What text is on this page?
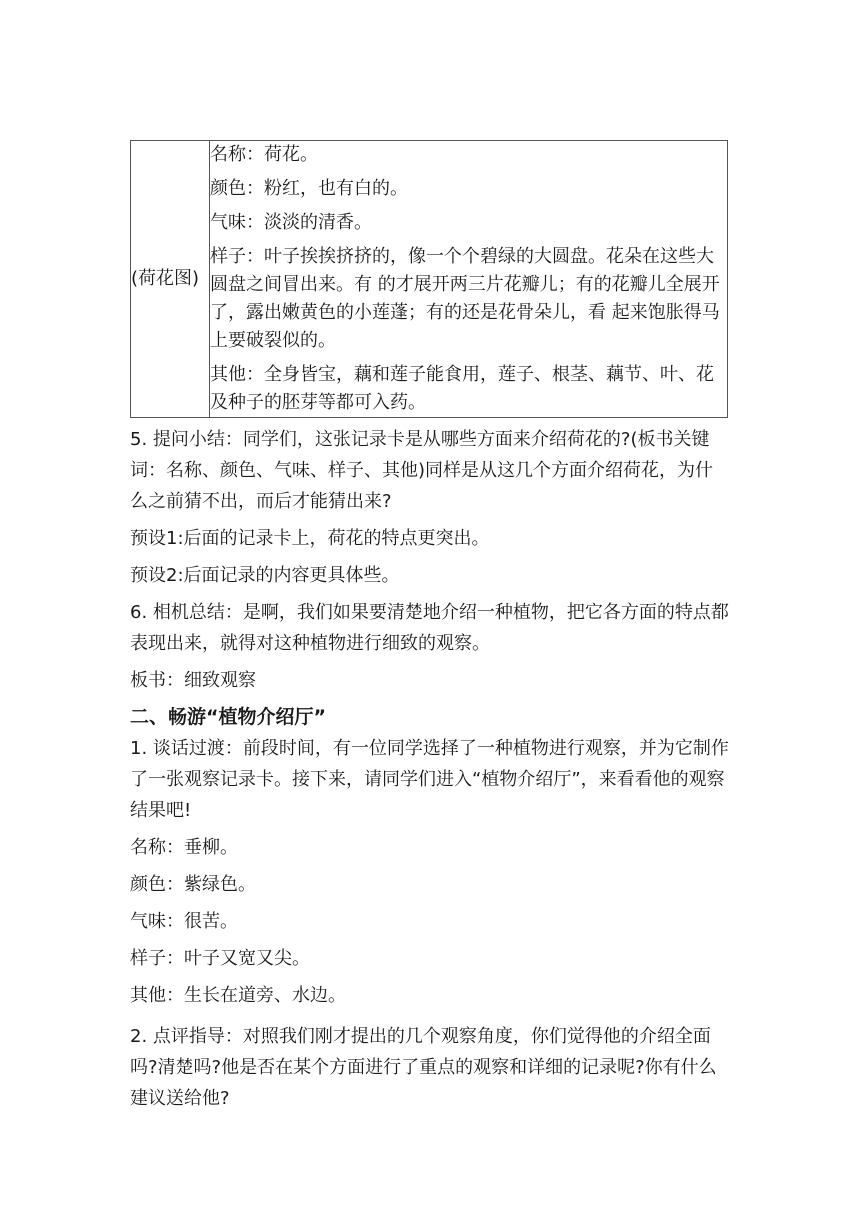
(荷花图)	

名称：荷花。

颜色：粉红，也有白的。

气味：淡淡的清香。

样子：叶子挨挨挤挤的，像一个个碧绿的大圆盘。花朵在这些大圆盘之间冒出来。有 的才展开两三片花瓣儿；有的花瓣儿全展开了，露出嫩黄色的小莲蓬；有的还是花骨朵儿，看 起来饱胀得马上要破裂似的。

其他：全身皆宝，藕和莲子能食用，莲子、根茎、藕节、叶、花及种子的胚芽等都可入药。

5. 提问小结：同学们，这张记录卡是从哪些方面来介绍荷花的?(板书关键词：名称、颜色、气味、样子、其他)同样是从这几个方面介绍荷花，为什么之前猜不出，而后才能猜出来?

预设1:后面的记录卡上，荷花的特点更突出。

预设2:后面记录的内容更具体些。

6. 相机总结：是啊，我们如果要清楚地介绍一种植物，把它各方面的特点都表现出来，就得对这种植物进行细致的观察。

板书：细致观察

二、畅游“植物介绍厅”

1. 谈话过渡：前段时间，有一位同学选择了一种植物进行观察，并为它制作了一张观察记录卡。接下来，请同学们进入“植物介绍厅”，来看看他的观察结果吧!

名称：垂柳。

颜色：紫绿色。

气味：很苦。

样子：叶子又宽又尖。

其他：生长在道旁、水边。

2. 点评指导：对照我们刚才提出的几个观察角度，你们觉得他的介绍全面吗?清楚吗?他是否在某个方面进行了重点的观察和详细的记录呢?你有什么建议送给他?
